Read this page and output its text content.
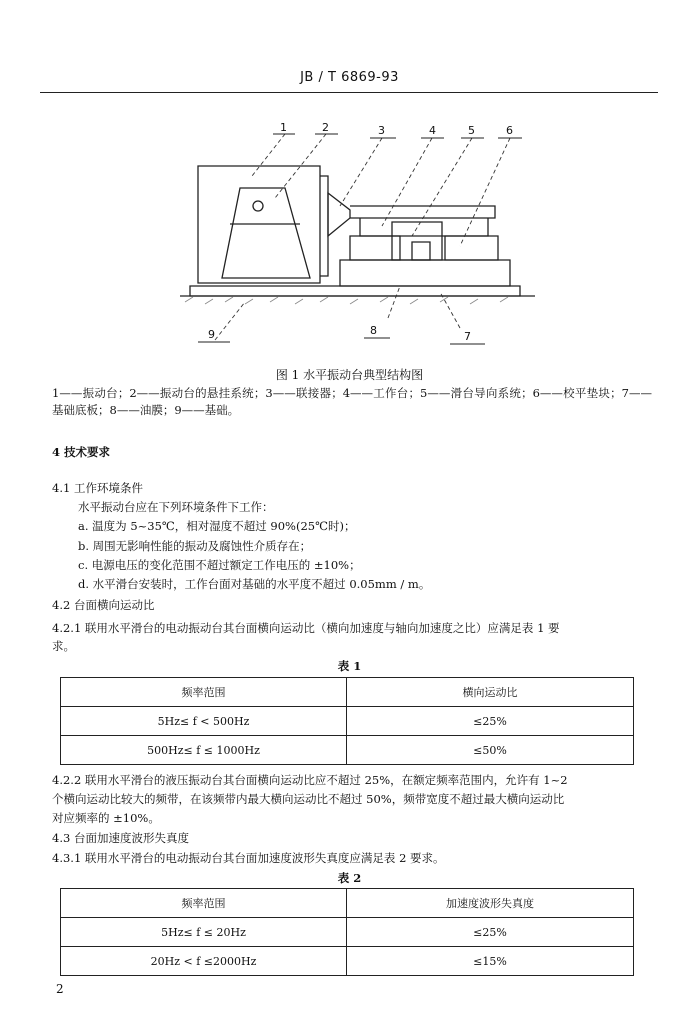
JB / T 6869-93
1	2	3	4	5	6
7
8
9
图 1 水平振动台典型结构图
1——振动台；2——振动台的悬挂系统；3——联接器；4——工作台；5——滑台导向系统；6——校平垫块；7——基础底板；8——油膜；9——基础。
4 技术要求
4.1 工作环境条件
水平振动台应在下列环境条件下工作：
a. 温度为 5~35℃，相对湿度不超过 90%(25℃时)；
b. 周围无影响性能的振动及腐蚀性介质存在；
c. 电源电压的变化范围不超过额定工作电压的 ±10%；
d. 水平滑台安装时，工作台面对基础的水平度不超过 0.05mm / m。
4.2 台面横向运动比
4.2.1 联用水平滑台的电动振动台其台面横向运动比（横向加速度与轴向加速度之比）应满足表 1 要
求。
表 1
频率范围	横向运动比
5Hz≤ f < 500Hz	≤25%
500Hz≤ f ≤ 1000Hz	≤50%
4.2.2 联用水平滑台的液压振动台其台面横向运动比应不超过 25%，在额定频率范围内，允许有 1~2
个横向运动比较大的频带，在该频带内最大横向运动比不超过 50%，频带宽度不超过最大横向运动比
对应频率的 ±10%。
4.3 台面加速度波形失真度
4.3.1 联用水平滑台的电动振动台其台面加速度波形失真度应满足表 2 要求。
表 2
频率范围	加速度波形失真度
5Hz≤ f ≤ 20Hz	≤25%
20Hz < f ≤2000Hz	≤15%
2
